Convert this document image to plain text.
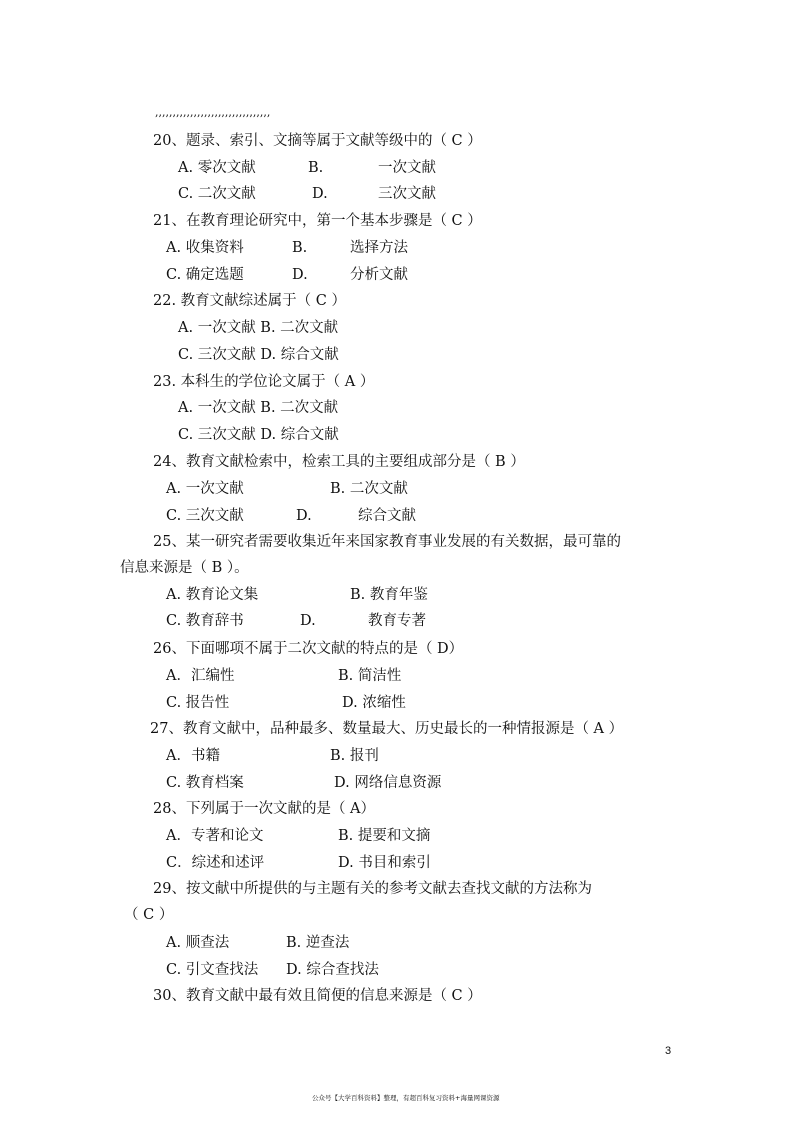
,,,,,,,,,,,,,,,,,,,,,,,,,,,,,,,,,
20、题录、索引、文摘等属于文献等级中的（ C ）
A. 零次文献	B.	一次文献
C. 二次文献	D.	三次文献
21、在教育理论研究中，第一个基本步骤是（ C ）
A. 收集资料	B.	选择方法
C. 确定选题	D.	分析文献
22. 教育文献综述属于（ C ）
A. 一次文献 B. 二次文献
C. 三次文献 D. 综合文献
23. 本科生的学位论文属于（ A ）
A. 一次文献 B. 二次文献
C. 三次文献 D. 综合文献
24、教育文献检索中，检索工具的主要组成部分是（ B ）
A. 一次文献	B. 二次文献
C. 三次文献	D.	综合文献
25、某一研究者需要收集近年来国家教育事业发展的有关数据，最可靠的
信息来源是（ B ）。
A. 教育论文集	B. 教育年鉴
C. 教育辞书	D.	教育专著
26、下面哪项不属于二次文献的特点的是（ D）
A．汇编性	B. 简洁性
C. 报告性	D. 浓缩性
27、教育文献中，品种最多、数量最大、历史最长的一种情报源是（ A ）
A．书籍	B. 报刊
C. 教育档案	D. 网络信息资源
28、下列属于一次文献的是（ A）
A．专著和论文	B. 提要和文摘
C．综述和述评	D. 书目和索引
29、按文献中所提供的与主题有关的参考文献去查找文献的方法称为
（ C ）
A. 顺查法	B. 逆查法
C. 引文查找法 D. 综合查找法
30、教育文献中最有效且简便的信息来源是（ C ）
3
公众号【大学百科资料】整理，有超百科复习资料+海量网课资源
